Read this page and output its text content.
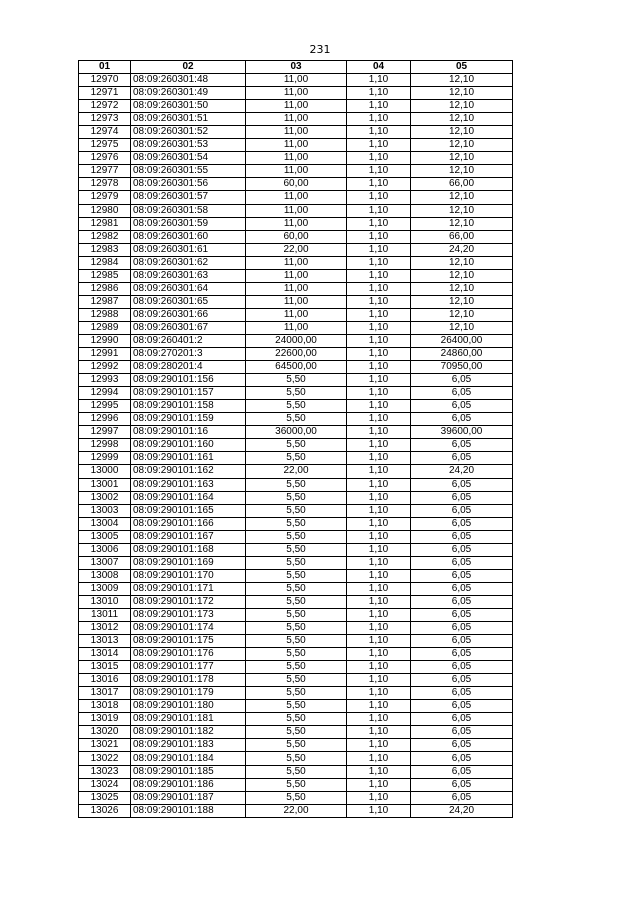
231
01	02	03	04	05
12970	08:09:260301:48	11,00	1,10	12,10
12971	08:09:260301:49	11,00	1,10	12,10
12972	08:09:260301:50	11,00	1,10	12,10
12973	08:09:260301:51	11,00	1,10	12,10
12974	08:09:260301:52	11,00	1,10	12,10
12975	08:09:260301:53	11,00	1,10	12,10
12976	08:09:260301:54	11,00	1,10	12,10
12977	08:09:260301:55	11,00	1,10	12,10
12978	08:09:260301:56	60,00	1,10	66,00
12979	08:09:260301:57	11,00	1,10	12,10
12980	08:09:260301:58	11,00	1,10	12,10
12981	08:09:260301:59	11,00	1,10	12,10
12982	08:09:260301:60	60,00	1,10	66,00
12983	08:09:260301:61	22,00	1,10	24,20
12984	08:09:260301:62	11,00	1,10	12,10
12985	08:09:260301:63	11,00	1,10	12,10
12986	08:09:260301:64	11,00	1,10	12,10
12987	08:09:260301:65	11,00	1,10	12,10
12988	08:09:260301:66	11,00	1,10	12,10
12989	08:09:260301:67	11,00	1,10	12,10
12990	08:09:260401:2	24000,00	1,10	26400,00
12991	08:09:270201:3	22600,00	1,10	24860,00
12992	08:09:280201:4	64500,00	1,10	70950,00
12993	08:09:290101:156	5,50	1,10	6,05
12994	08:09:290101:157	5,50	1,10	6,05
12995	08:09:290101:158	5,50	1,10	6,05
12996	08:09:290101:159	5,50	1,10	6,05
12997	08:09:290101:16	36000,00	1,10	39600,00
12998	08:09:290101:160	5,50	1,10	6,05
12999	08:09:290101:161	5,50	1,10	6,05
13000	08:09:290101:162	22,00	1,10	24,20
13001	08:09:290101:163	5,50	1,10	6,05
13002	08:09:290101:164	5,50	1,10	6,05
13003	08:09:290101:165	5,50	1,10	6,05
13004	08:09:290101:166	5,50	1,10	6,05
13005	08:09:290101:167	5,50	1,10	6,05
13006	08:09:290101:168	5,50	1,10	6,05
13007	08:09:290101:169	5,50	1,10	6,05
13008	08:09:290101:170	5,50	1,10	6,05
13009	08:09:290101:171	5,50	1,10	6,05
13010	08:09:290101:172	5,50	1,10	6,05
13011	08:09:290101:173	5,50	1,10	6,05
13012	08:09:290101:174	5,50	1,10	6,05
13013	08:09:290101:175	5,50	1,10	6,05
13014	08:09:290101:176	5,50	1,10	6,05
13015	08:09:290101:177	5,50	1,10	6,05
13016	08:09:290101:178	5,50	1,10	6,05
13017	08:09:290101:179	5,50	1,10	6,05
13018	08:09:290101:180	5,50	1,10	6,05
13019	08:09:290101:181	5,50	1,10	6,05
13020	08:09:290101:182	5,50	1,10	6,05
13021	08:09:290101:183	5,50	1,10	6,05
13022	08:09:290101:184	5,50	1,10	6,05
13023	08:09:290101:185	5,50	1,10	6,05
13024	08:09:290101:186	5,50	1,10	6,05
13025	08:09:290101:187	5,50	1,10	6,05
13026	08:09:290101:188	22,00	1,10	24,20
